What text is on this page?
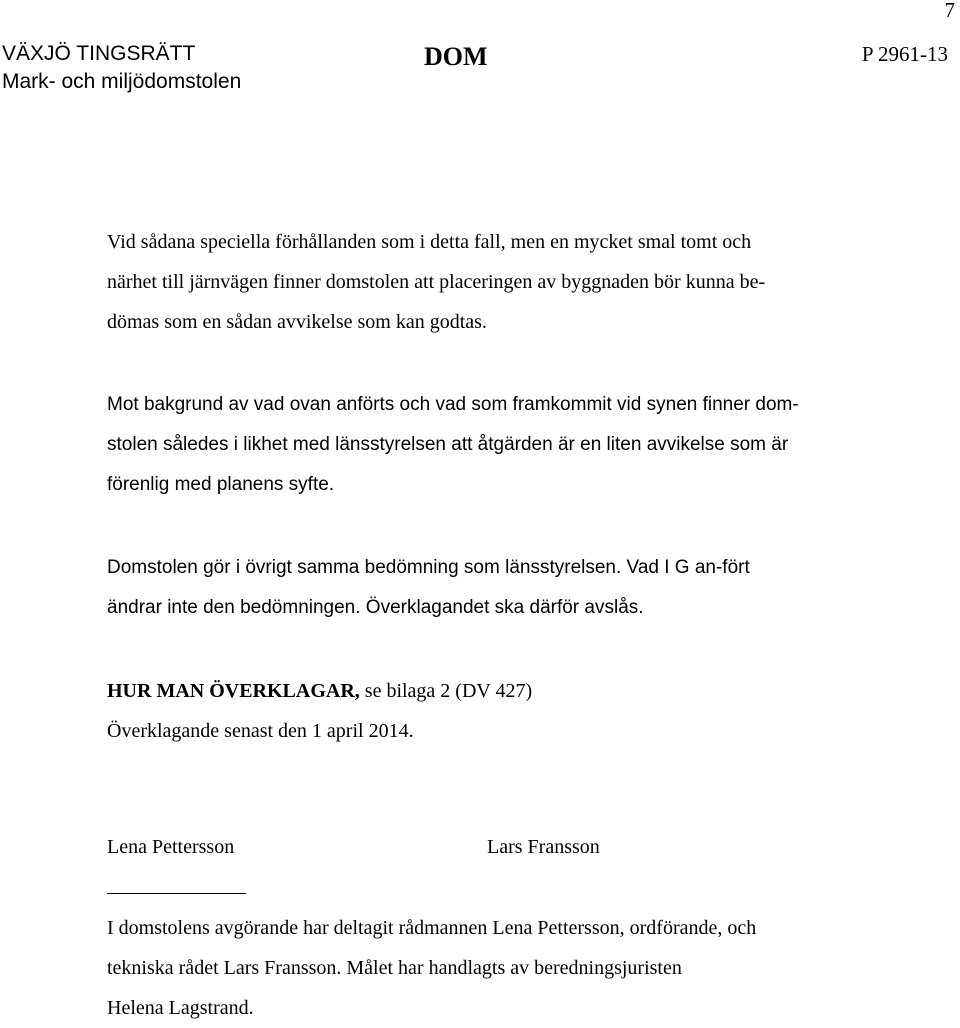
7
VÄXJÖ TINGSRÄTT
Mark- och miljödomstolen
DOM	P 2961-13
Vid sådana speciella förhållanden som i detta fall, men en mycket smal tomt och
närhet till järnvägen finner domstolen att placeringen av byggnaden bör kunna be-
dömas som en sådan avvikelse som kan godtas.
Mot bakgrund av vad ovan anförts och vad som framkommit vid synen finner dom-
stolen således i likhet med länsstyrelsen att åtgärden är en liten avvikelse som är
förenlig med planens syfte.
Domstolen gör i övrigt samma bedömning som länsstyrelsen. Vad I G an-fört
ändrar inte den bedömningen. Överklagandet ska därför avslås.
HUR MAN ÖVERKLAGAR, se bilaga 2 (DV 427)
Överklagande senast den 1 april 2014.
Lena Pettersson	Lars Fransson
I domstolens avgörande har deltagit rådmannen Lena Pettersson, ordförande, och
tekniska rådet Lars Fransson. Målet har handlagts av beredningsjuristen
Helena Lagstrand.
